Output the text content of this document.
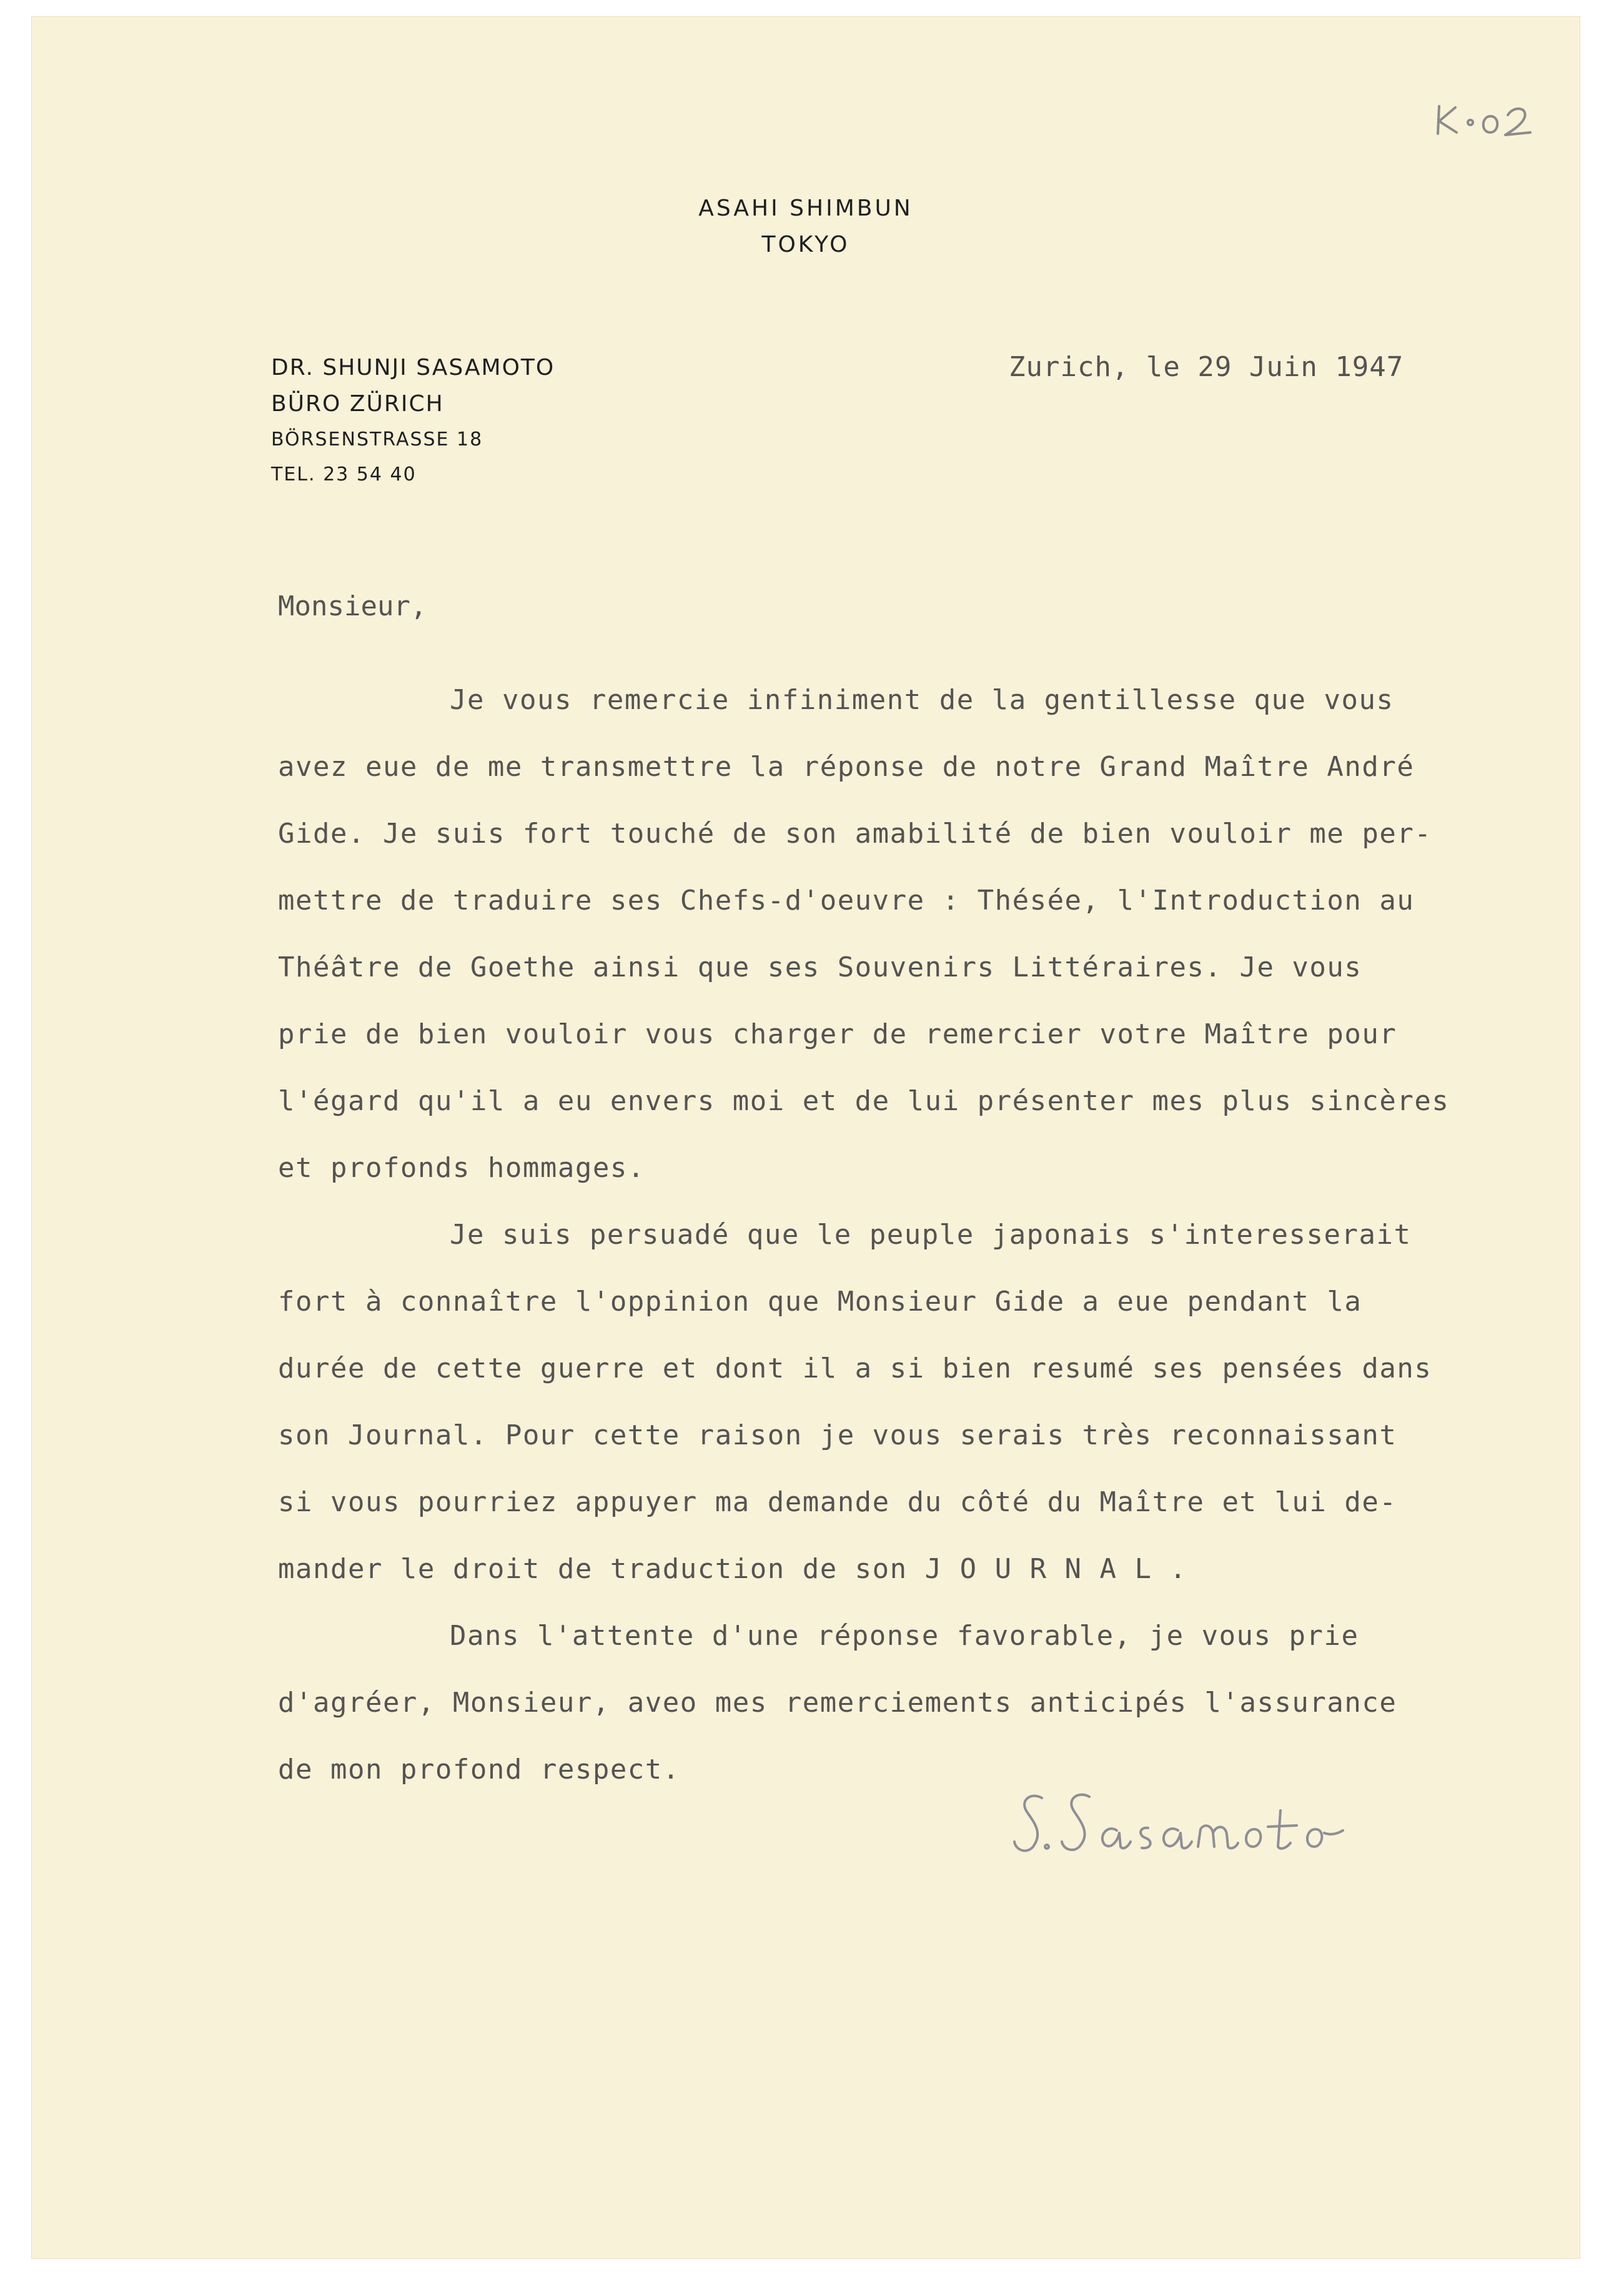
ASAHI SHIMBUN
TOKYO
DR. SHUNJI SASAMOTO
BÜRO ZÜRICH
BÖRSENSTRASSE 18
TEL. 23 54 40
Zurich, le 29 Juin 1947
Monsieur,
Je vous remercie infiniment de la gentillesse que vous
avez eue de me transmettre la réponse de notre Grand Maître André
Gide. Je suis fort touché de son amabilité de bien vouloir me per-
mettre de traduire ses Chefs-d'oeuvre : Thésée, l'Introduction au
Théâtre de Goethe ainsi que ses Souvenirs Littéraires. Je vous
prie de bien vouloir vous charger de remercier votre Maître pour
l'égard qu'il a eu envers moi et de lui présenter mes plus sincères
et profonds hommages.
Je suis persuadé que le peuple japonais s'interesserait
fort à connaître l'oppinion que Monsieur Gide a eue pendant la
durée de cette guerre et dont il a si bien resumé ses pensées dans
son Journal. Pour cette raison je vous serais très reconnaissant
si vous pourriez appuyer ma demande du côté du Maître et lui de-
mander le droit de traduction de son J O U R N A L .
Dans l'attente d'une réponse favorable, je vous prie
d'agréer, Monsieur, aveo mes remerciements anticipés l'assurance
de mon profond respect.
